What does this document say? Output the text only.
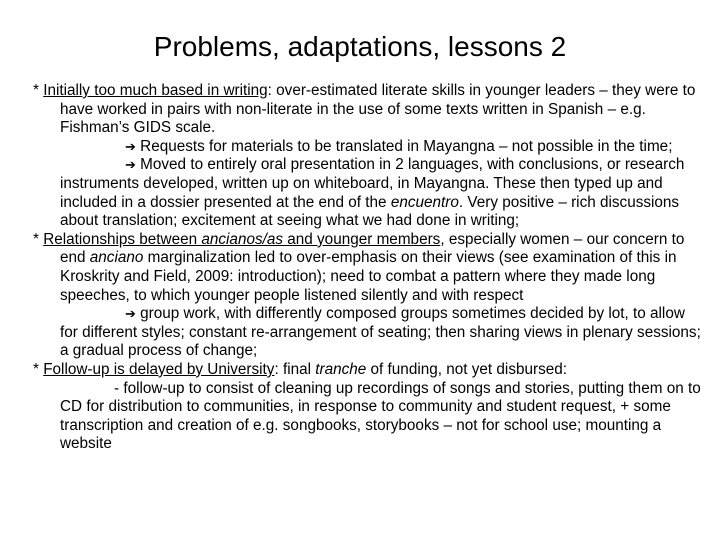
Problems, adaptations, lessons 2

* Initially too much based in writing: over-estimated literate skills in younger leaders – they were to have worked in pairs with non-literate in the use of some texts written in Spanish – e.g. Fishman’s GIDS scale.

➔ Requests for materials to be translated in Mayangna – not possible in the time;

➔ Moved to entirely oral presentation in 2 languages, with conclusions, or research instruments developed, written up on whiteboard, in Mayangna. These then typed up and included in a dossier presented at the end of the encuentro. Very positive – rich discussions about translation; excitement at seeing what we had done in writing;

* Relationships between ancianos/as and younger members, especially women – our concern to end anciano marginalization led to over-emphasis on their views (see examination of this in Kroskrity and Field, 2009: introduction); need to combat a pattern where they made long speeches, to which younger people listened silently and with respect

➔ group work, with differently composed groups sometimes decided by lot, to allow for different styles; constant re-arrangement of seating; then sharing views in plenary sessions; a gradual process of change;

* Follow-up is delayed by University: final tranche of funding, not yet disbursed:

- follow-up to consist of cleaning up recordings of songs and stories, putting them on to CD for distribution to communities, in response to community and student request, + some transcription and creation of e.g. songbooks, storybooks – not for school use; mounting a website
